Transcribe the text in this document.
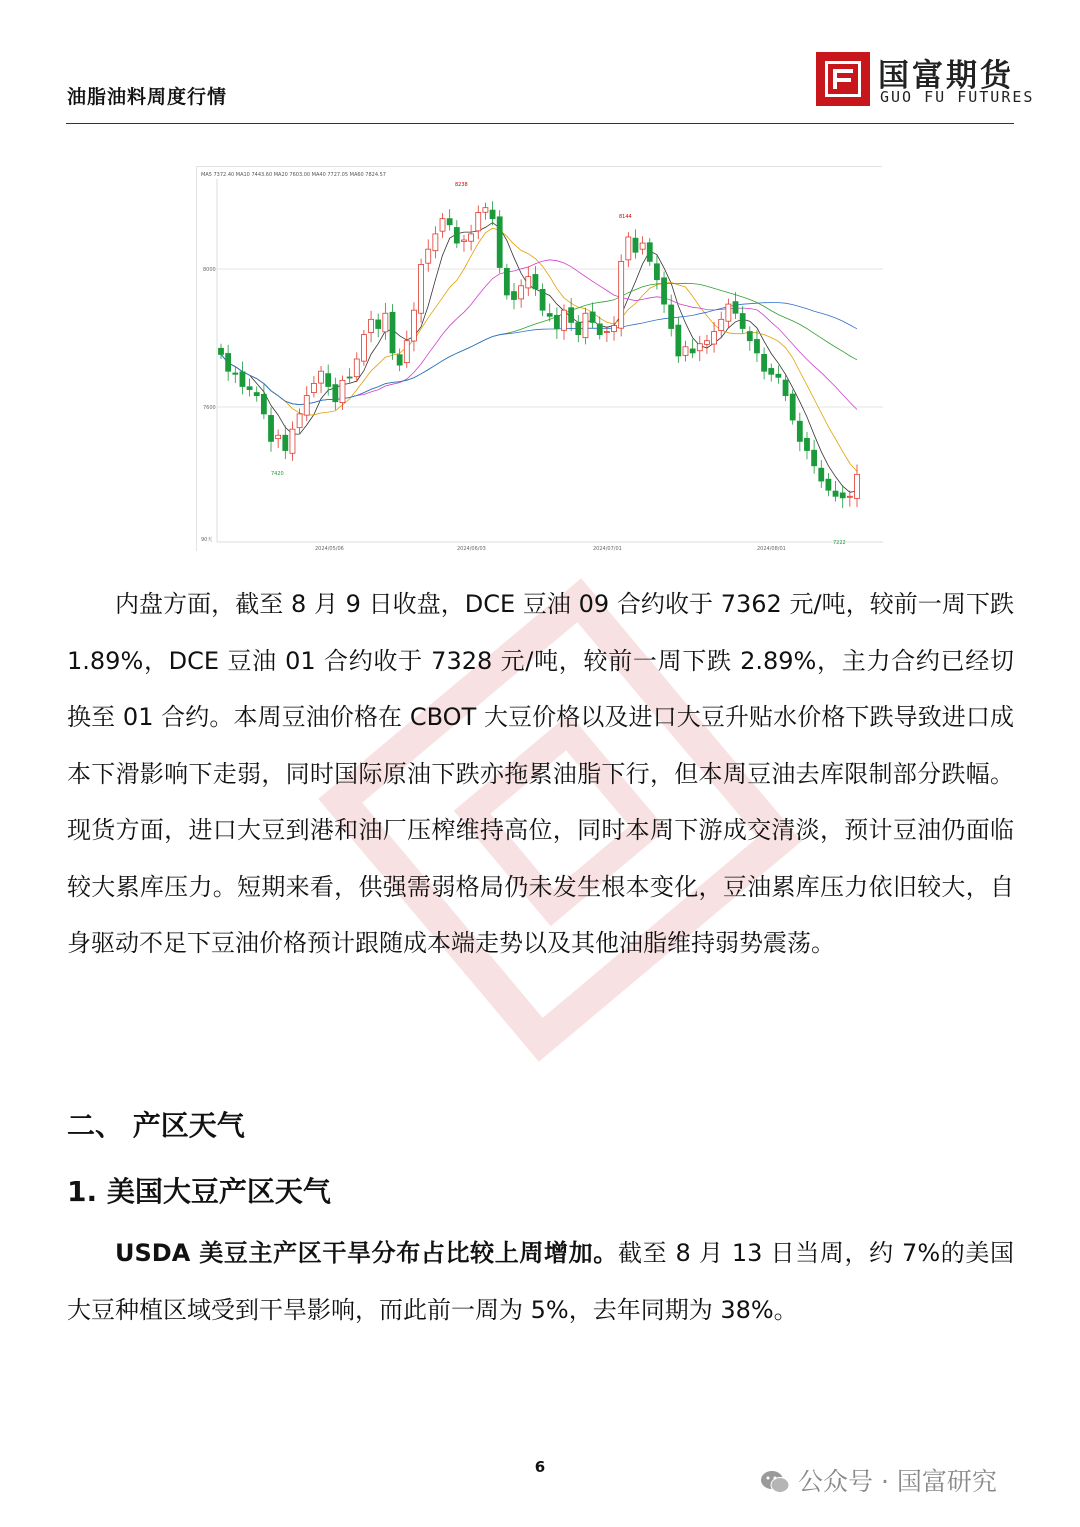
油脂油料周度行情
国富期货
GUO FU FUTURES
MA5 7372.40 MA10 7443.60 MA20 7603.00 MA40 7727.05 MA60 7824.57
8000
7600
2024/05/06	2024/06/03	2024/07/01	2024/08/01
90天
8238
8144
7420
7222

内盘方面，截至 8 月 9 日收盘，DCE 豆油 09 合约收于 7362 元/吨，较前一周下跌 1.89%，DCE 豆油 01 合约收于 7328 元/吨，较前一周下跌 2.89%，主力合约已经切换至 01 合约。本周豆油价格在 CBOT 大豆价格以及进口大豆升贴水价格下跌导致进口成本下滑影响下走弱，同时国际原油下跌亦拖累油脂下行，但本周豆油去库限制部分跌幅。现货方面，进口大豆到港和油厂压榨维持高位，同时本周下游成交清淡，预计豆油仍面临较大累库压力。短期来看，供强需弱格局仍未发生根本变化，豆油累库压力依旧较大，自身驱动不足下豆油价格预计跟随成本端走势以及其他油脂维持弱势震荡。

二、 产区天气
1. 美国大豆产区天气

USDA 美豆主产区干旱分布占比较上周增加。截至 8 月 13 日当周，约 7%的美国大豆种植区域受到干旱影响，而此前一周为 5%，去年同期为 38%。

6	公众号 · 国富研究
